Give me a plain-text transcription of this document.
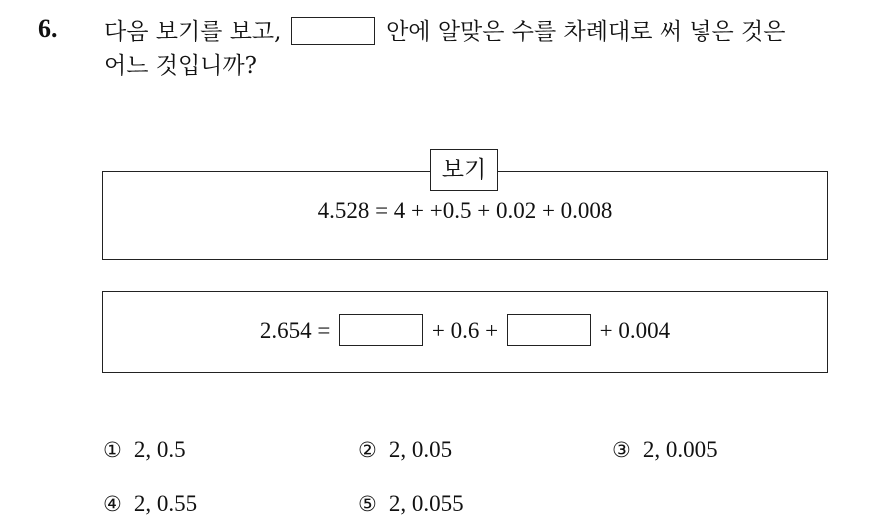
6. 다음 보기를 보고,	안에 알맞은 수를 차례대로 써 넣은 것은
어느 것입니까?
보기
4.528 = 4 + +0.5 + 0.02 + 0.008
2.654 =	+ 0.6 +	+ 0.004
① 2, 0.5	② 2, 0.05	③ 2, 0.005
④ 2, 0.55	⑤ 2, 0.055
